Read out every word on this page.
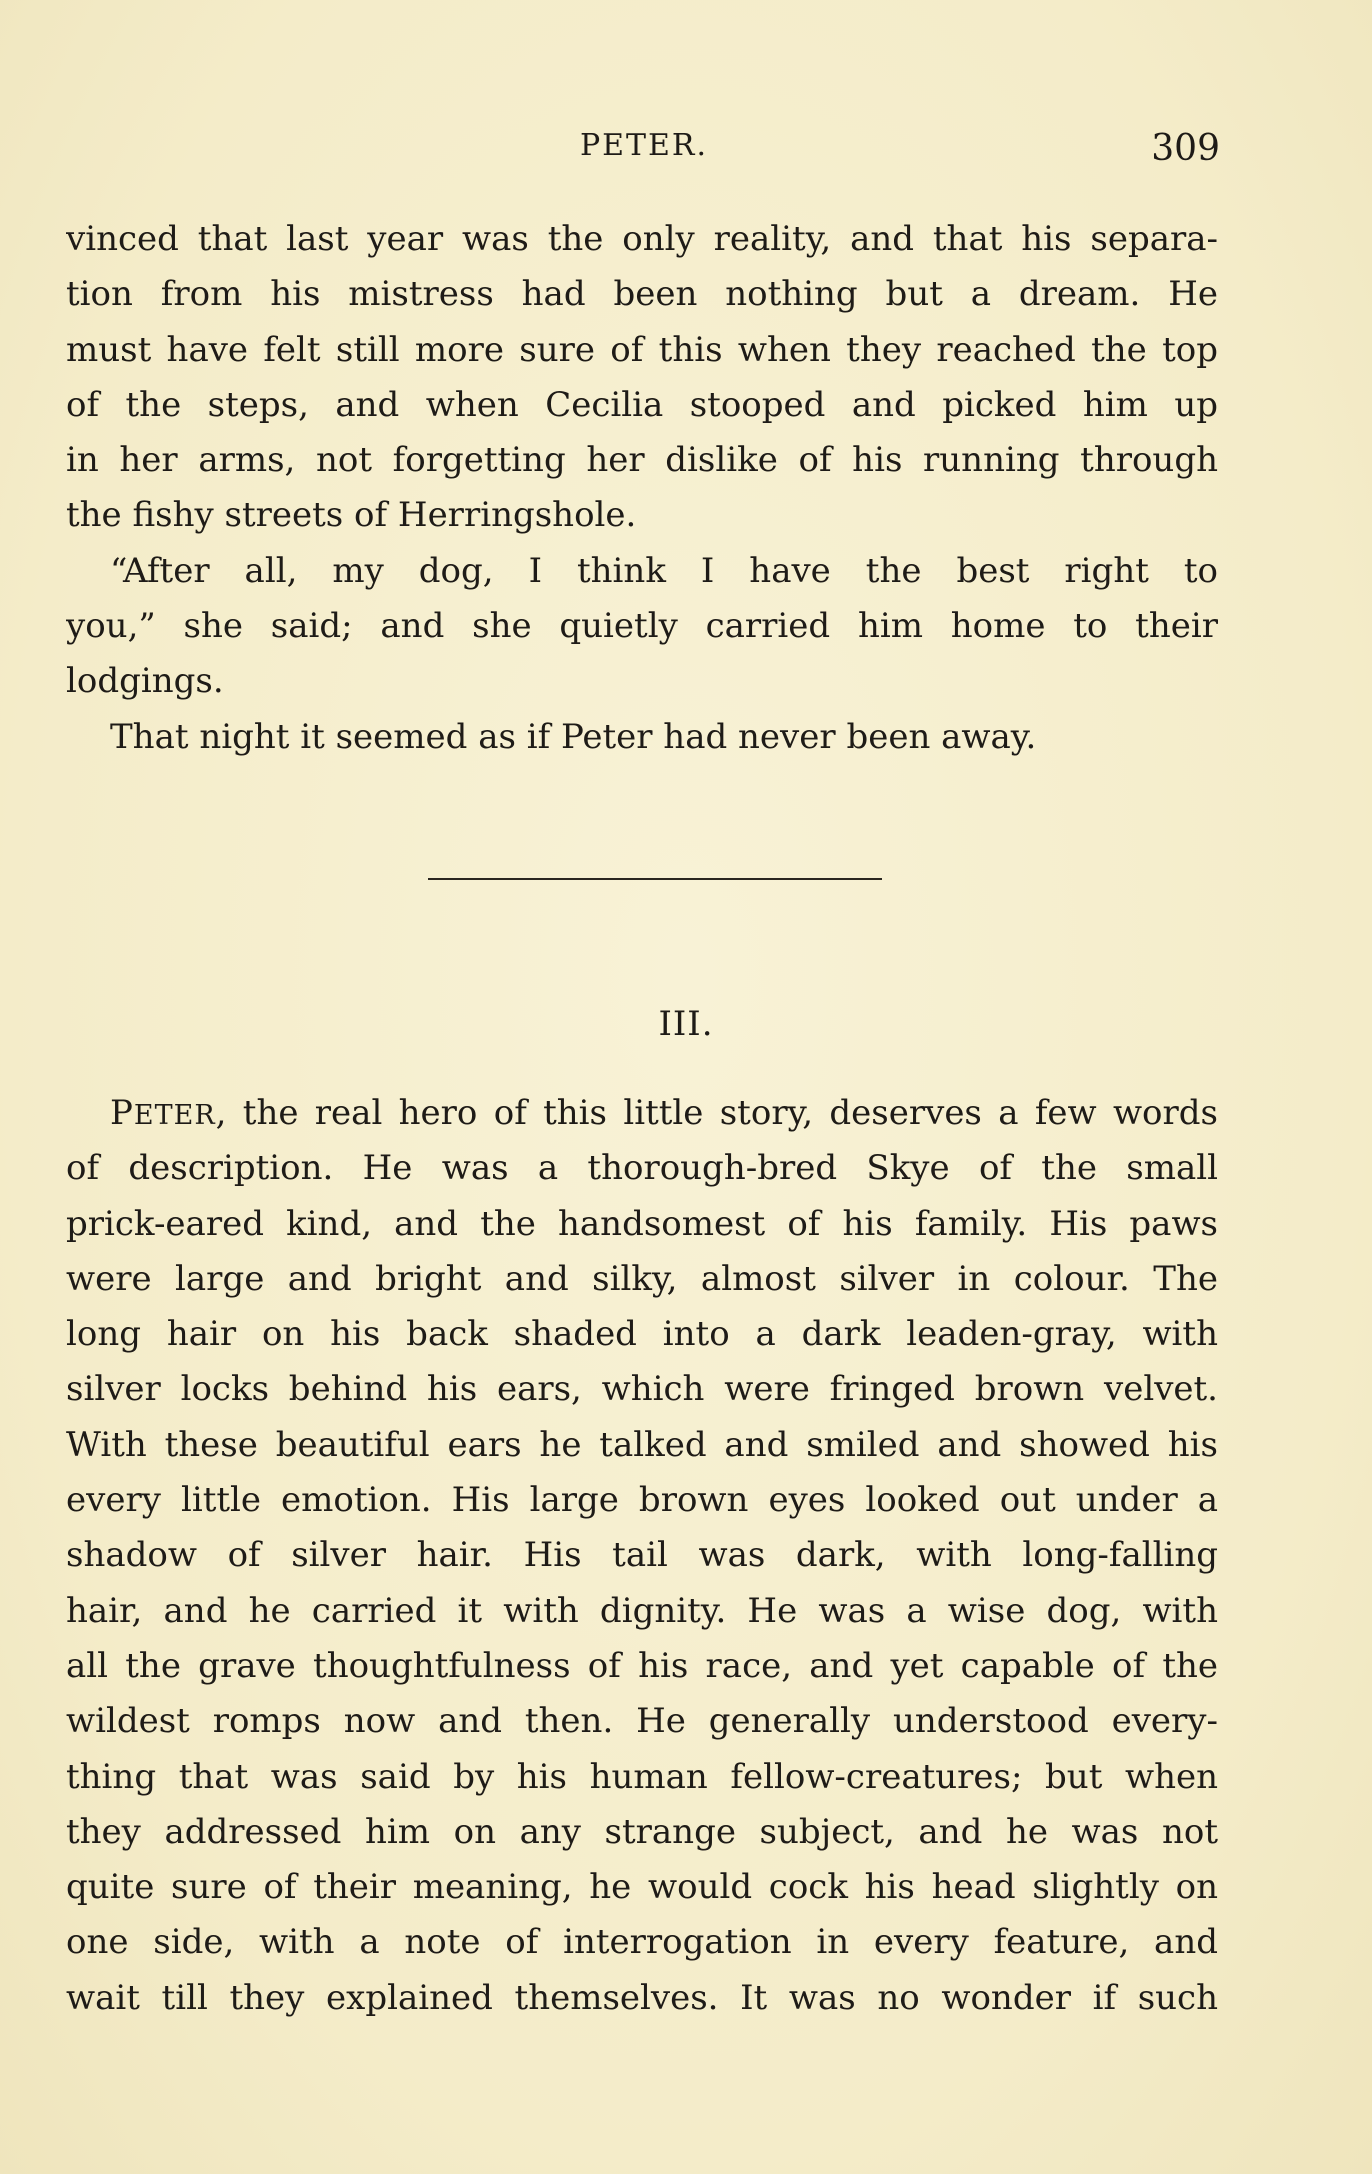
PETER.	309
vinced that last year was the only reality, and that his separa-
tion from his mistress had been nothing but a dream. He
must have felt still more sure of this when they reached the top
of the steps, and when Cecilia stooped and picked him up
in her arms, not forgetting her dislike of his running through
the fishy streets of Herringshole.
“After all, my dog, I think I have the best right to
you,” she said; and she quietly carried him home to their
lodgings.
That night it seemed as if Peter had never been away.
III.
PETER, the real hero of this little story, deserves a few words
of description. He was a thorough-bred Skye of the small
prick-eared kind, and the handsomest of his family. His paws
were large and bright and silky, almost silver in colour. The
long hair on his back shaded into a dark leaden-gray, with
silver locks behind his ears, which were fringed brown velvet.
With these beautiful ears he talked and smiled and showed his
every little emotion. His large brown eyes looked out under a
shadow of silver hair. His tail was dark, with long-falling
hair, and he carried it with dignity. He was a wise dog, with
all the grave thoughtfulness of his race, and yet capable of the
wildest romps now and then. He generally understood every-
thing that was said by his human fellow-creatures; but when
they addressed him on any strange subject, and he was not
quite sure of their meaning, he would cock his head slightly on
one side, with a note of interrogation in every feature, and
wait till they explained themselves. It was no wonder if such
